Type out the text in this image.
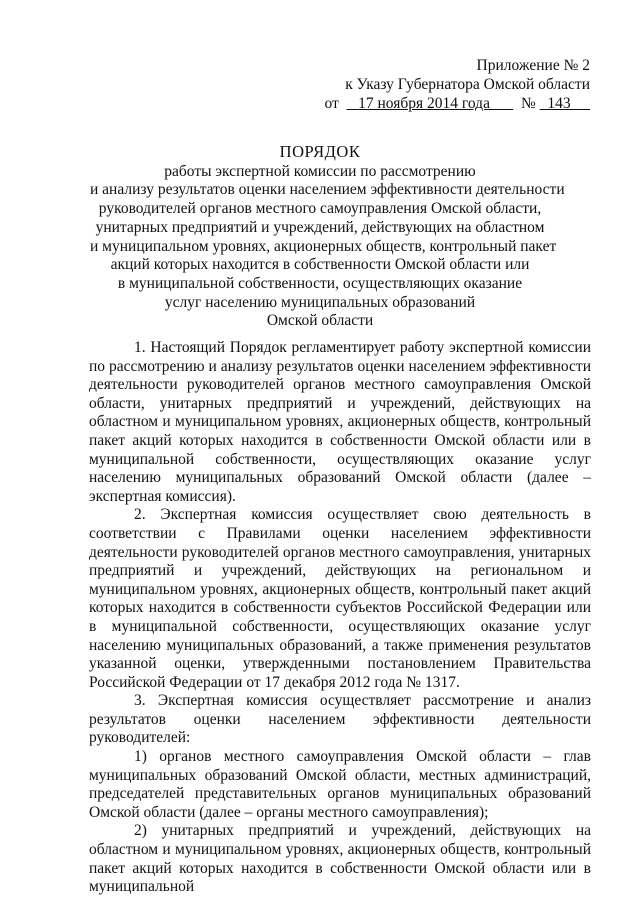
Приложение № 2
к Указу Губернатора Омской области
от 17 ноября 2014 года № 143
ПОРЯДОК
работы экспертной комиссии по рассмотрению
и анализу результатов оценки населением эффективности деятельности
руководителей органов местного самоуправления Омской области,
унитарных предприятий и учреждений, действующих на областном
и муниципальном уровнях, акционерных обществ, контрольный пакет
акций которых находится в собственности Омской области или
в муниципальной собственности, осуществляющих оказание
услуг населению муниципальных образований
Омской области

1. Настоящий Порядок регламентирует работу экспертной комиссии по рассмотрению и анализу результатов оценки населением эффективности деятельности руководителей органов местного самоуправления Омской области, унитарных предприятий и учреждений, действующих на областном и муниципальном уровнях, акционерных обществ, контрольный пакет акций которых находится в собственности Омской области или в муниципальной собственности, осуществляющих оказание услуг населению муниципальных образований Омской области (далее – экспертная комиссия).

2. Экспертная комиссия осуществляет свою деятельность в соответствии с Правилами оценки населением эффективности деятельности руководителей органов местного самоуправления, унитарных предприятий и учреждений, действующих на региональном и муниципальном уровнях, акционерных обществ, контрольный пакет акций которых находится в собственности субъектов Российской Федерации или в муниципальной собственности, осуществляющих оказание услуг населению муниципальных образований, а также применения результатов указанной оценки, утвержденными постановлением Правительства Российской Федерации от 17 декабря 2012 года № 1317.

3. Экспертная комиссия осуществляет рассмотрение и анализ результатов оценки населением эффективности деятельности руководителей:

1) органов местного самоуправления Омской области – глав муниципальных образований Омской области, местных администраций, председателей представительных органов муниципальных образований Омской области (далее – органы местного самоуправления);

2) унитарных предприятий и учреждений, действующих на областном и муниципальном уровнях, акционерных обществ, контрольный пакет акций которых находится в собственности Омской области или в муниципальной
